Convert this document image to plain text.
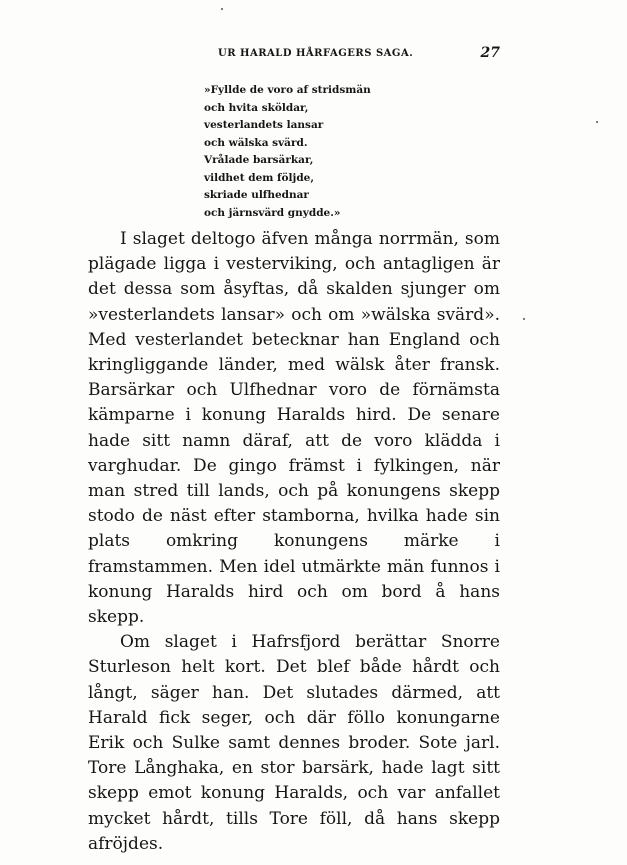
UR HARALD HÅRFAGERS SAGA.	27
»Fyllde de voro af stridsmän
och hvita sköldar,
vesterlandets lansar
och wälska svärd.
Vrålade barsärkar,
vildhet dem följde,
skriade ulfhednar
och järnsvärd gnydde.»

I slaget deltogo äfven många norrmän, som plägade ligga i vesterviking, och antagligen är det dessa som åsyftas, då skalden sjunger om »vesterlandets lansar» och om »wälska svärd». Med vesterlandet betecknar han England och kringliggande länder, med wälsk åter fransk. Barsärkar och Ulfhednar voro de förnämsta kämparne i konung Haralds hird. De senare hade sitt namn däraf, att de voro klädda i varghudar. De gingo främst i fylkingen, när man stred till lands, och på konungens skepp stodo de näst efter stamborna, hvilka hade sin plats omkring konungens märke i framstammen. Men idel utmärkte män funnos i konung Haralds hird och om bord å hans skepp.

Om slaget i Hafrsfjord berättar Snorre Sturleson helt kort. Det blef både hårdt och långt, säger han. Det slutades därmed, att Harald fick seger, och där föllo konungarne Erik och Sulke samt dennes broder. Sote jarl. Tore Långhaka, en stor barsärk, hade lagt sitt skepp emot konung Haralds, och var anfallet mycket hårdt, tills Tore föll, då hans skepp afröjdes.
